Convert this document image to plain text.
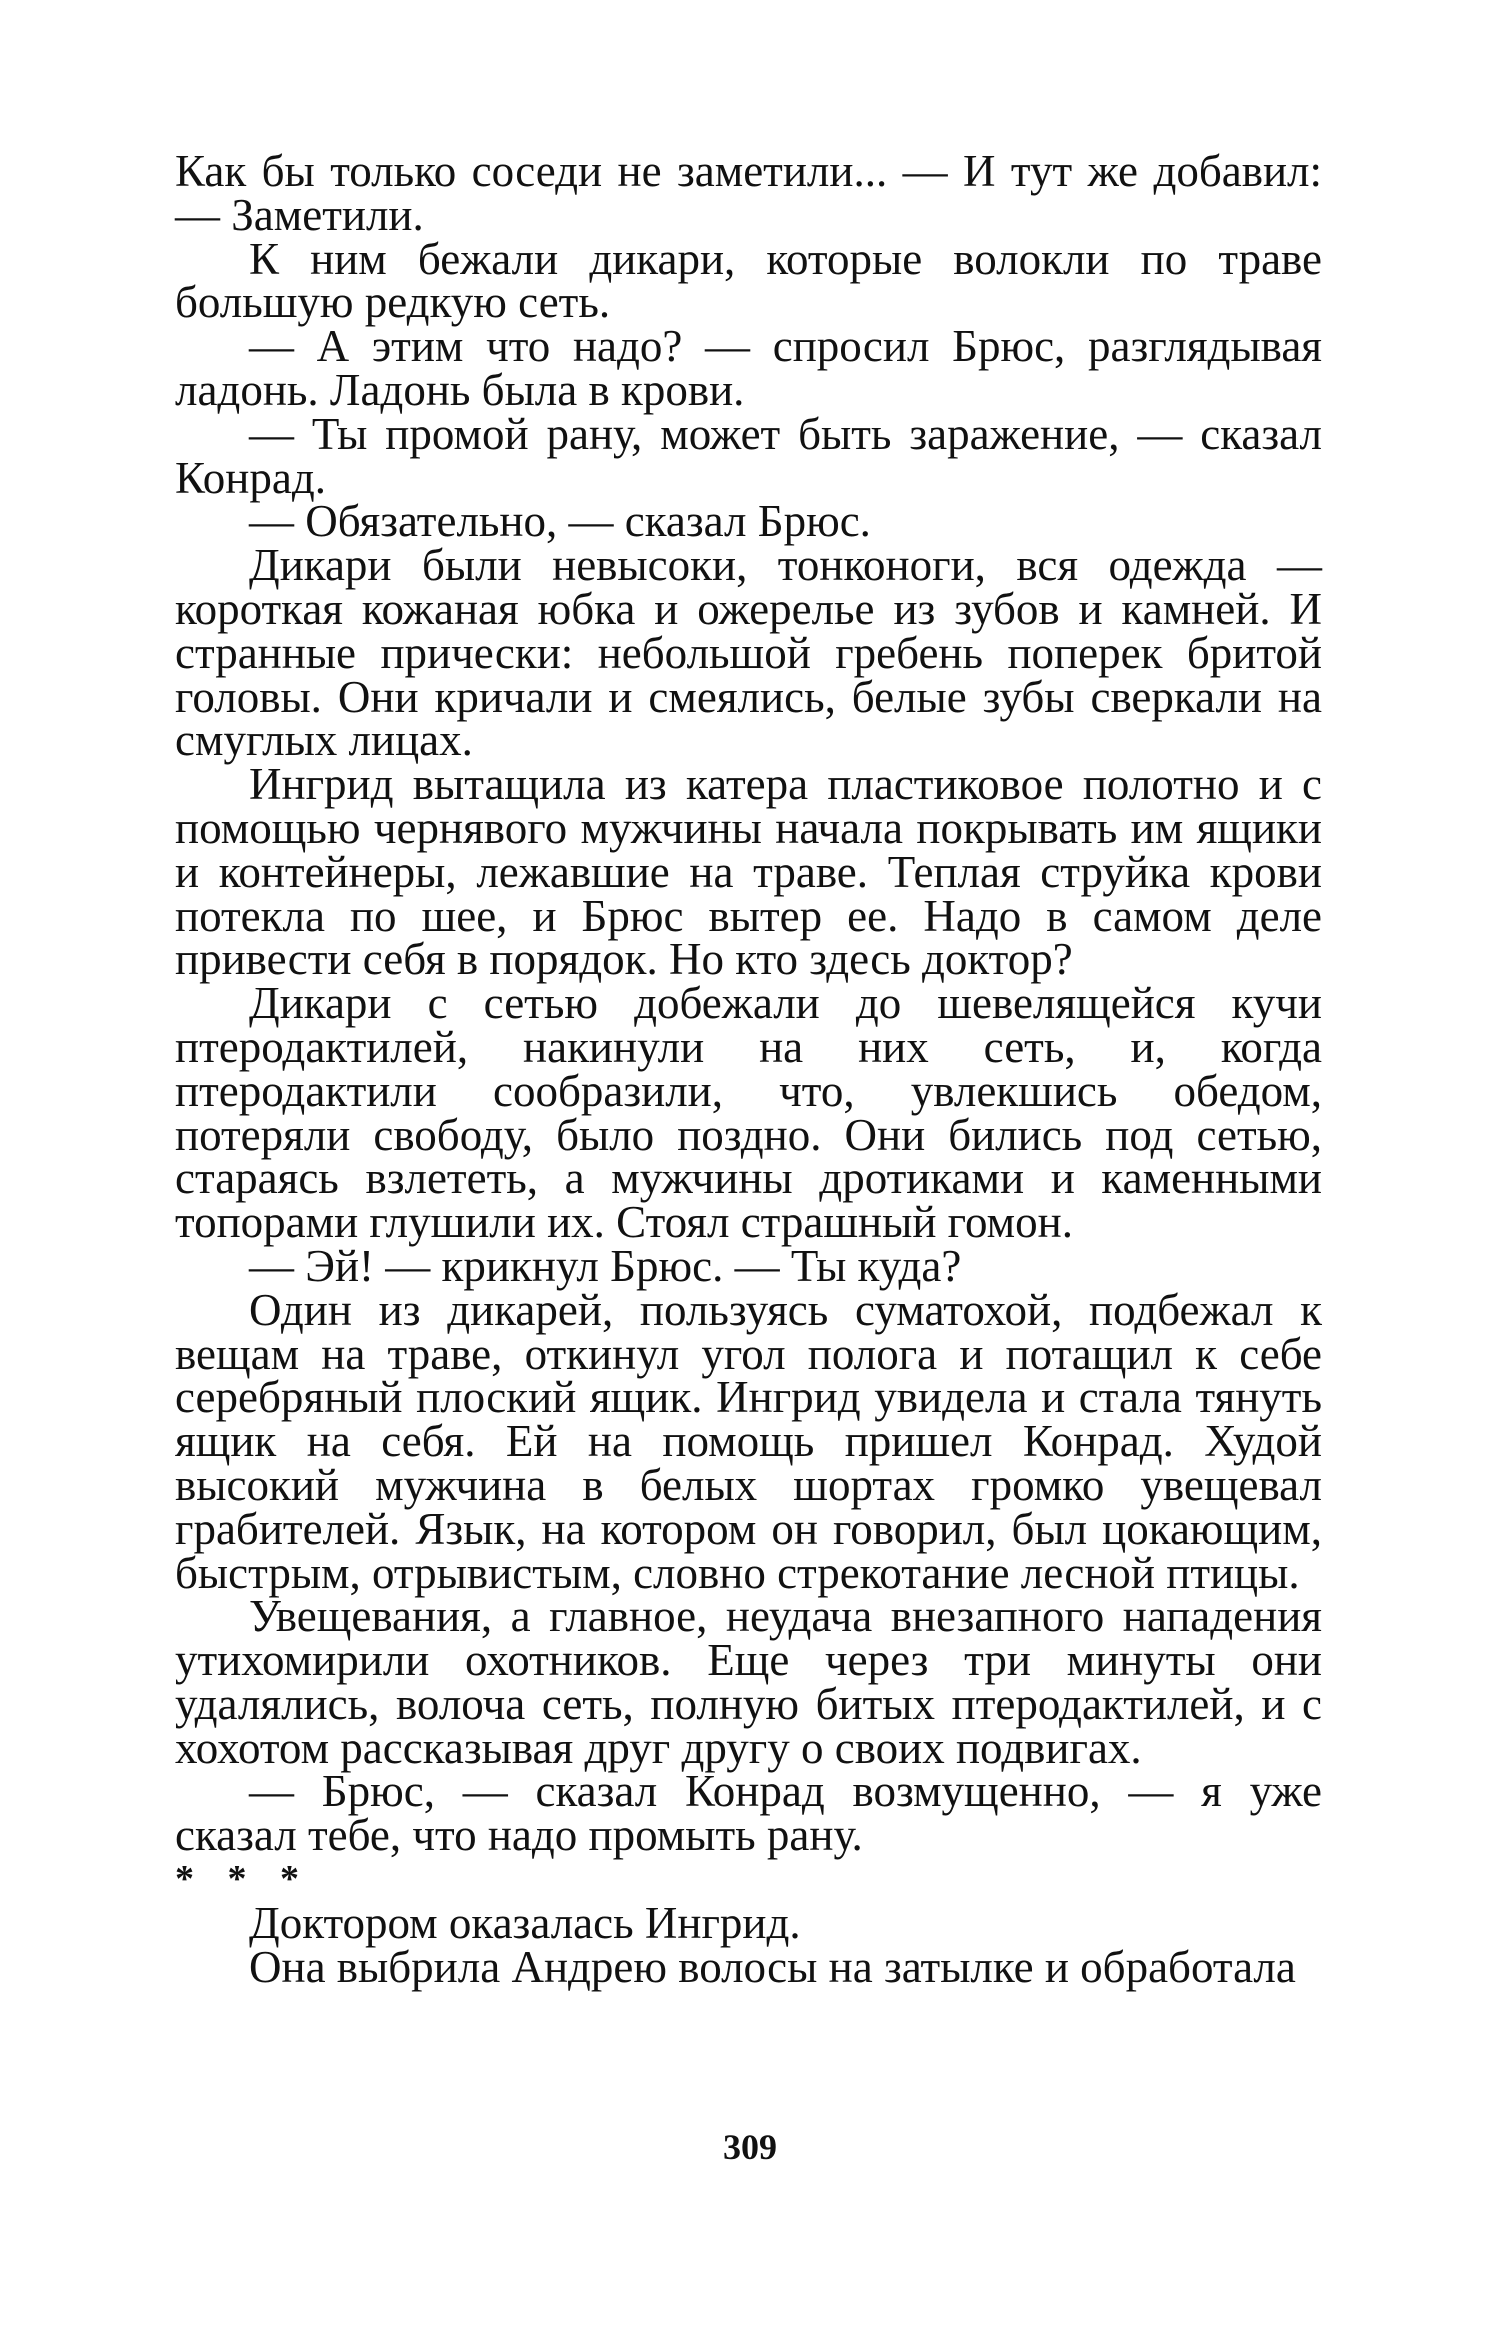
Как бы только соседи не заметили... — И тут же добавил: — Заметили.

К ним бежали дикари, которые волокли по траве большую редкую сеть.

— А этим что надо? — спросил Брюс, разглядывая ладонь. Ладонь была в крови.

— Ты промой рану, может быть заражение, — сказал Конрад.

— Обязательно, — сказал Брюс.

Дикари были невысоки, тонконоги, вся одежда — короткая кожаная юбка и ожерелье из зубов и камней. И странные прически: небольшой гребень поперек бритой головы. Они кричали и смеялись, белые зубы сверкали на смуглых лицах.

Ингрид вытащила из катера пластиковое полотно и с помощью чернявого мужчины начала покрывать им ящики и контейнеры, лежавшие на траве. Теплая струйка крови потекла по шее, и Брюс вытер ее. Надо в самом деле привести себя в порядок. Но кто здесь доктор?

Дикари с сетью добежали до шевелящейся кучи птеродактилей, накинули на них сеть, и, когда птеродактили сообразили, что, увлекшись обедом, потеряли свободу, было поздно. Они бились под сетью, стараясь взлететь, а мужчины дротиками и каменными топорами глушили их. Стоял страшный гомон.

— Эй! — крикнул Брюс. — Ты куда?

Один из дикарей, пользуясь суматохой, подбежал к вещам на траве, откинул угол полога и потащил к себе серебряный плоский ящик. Ингрид увидела и стала тянуть ящик на себя. Ей на помощь пришел Конрад. Худой высокий мужчина в белых шортах громко увещевал грабителей. Язык, на котором он говорил, был цокающим, быстрым, отрывистым, словно стрекотание лесной птицы.

Увещевания, а главное, неудача внезапного нападения утихомирили охотников. Еще через три минуты они удалялись, волоча сеть, полную битых птеродактилей, и с хохотом рассказывая друг другу о своих подвигах.

— Брюс, — сказал Конрад возмущенно, — я уже сказал тебе, что надо промыть рану.

* * *

Доктором оказалась Ингрид.

Она выбрила Андрею волосы на затылке и обработала

309
